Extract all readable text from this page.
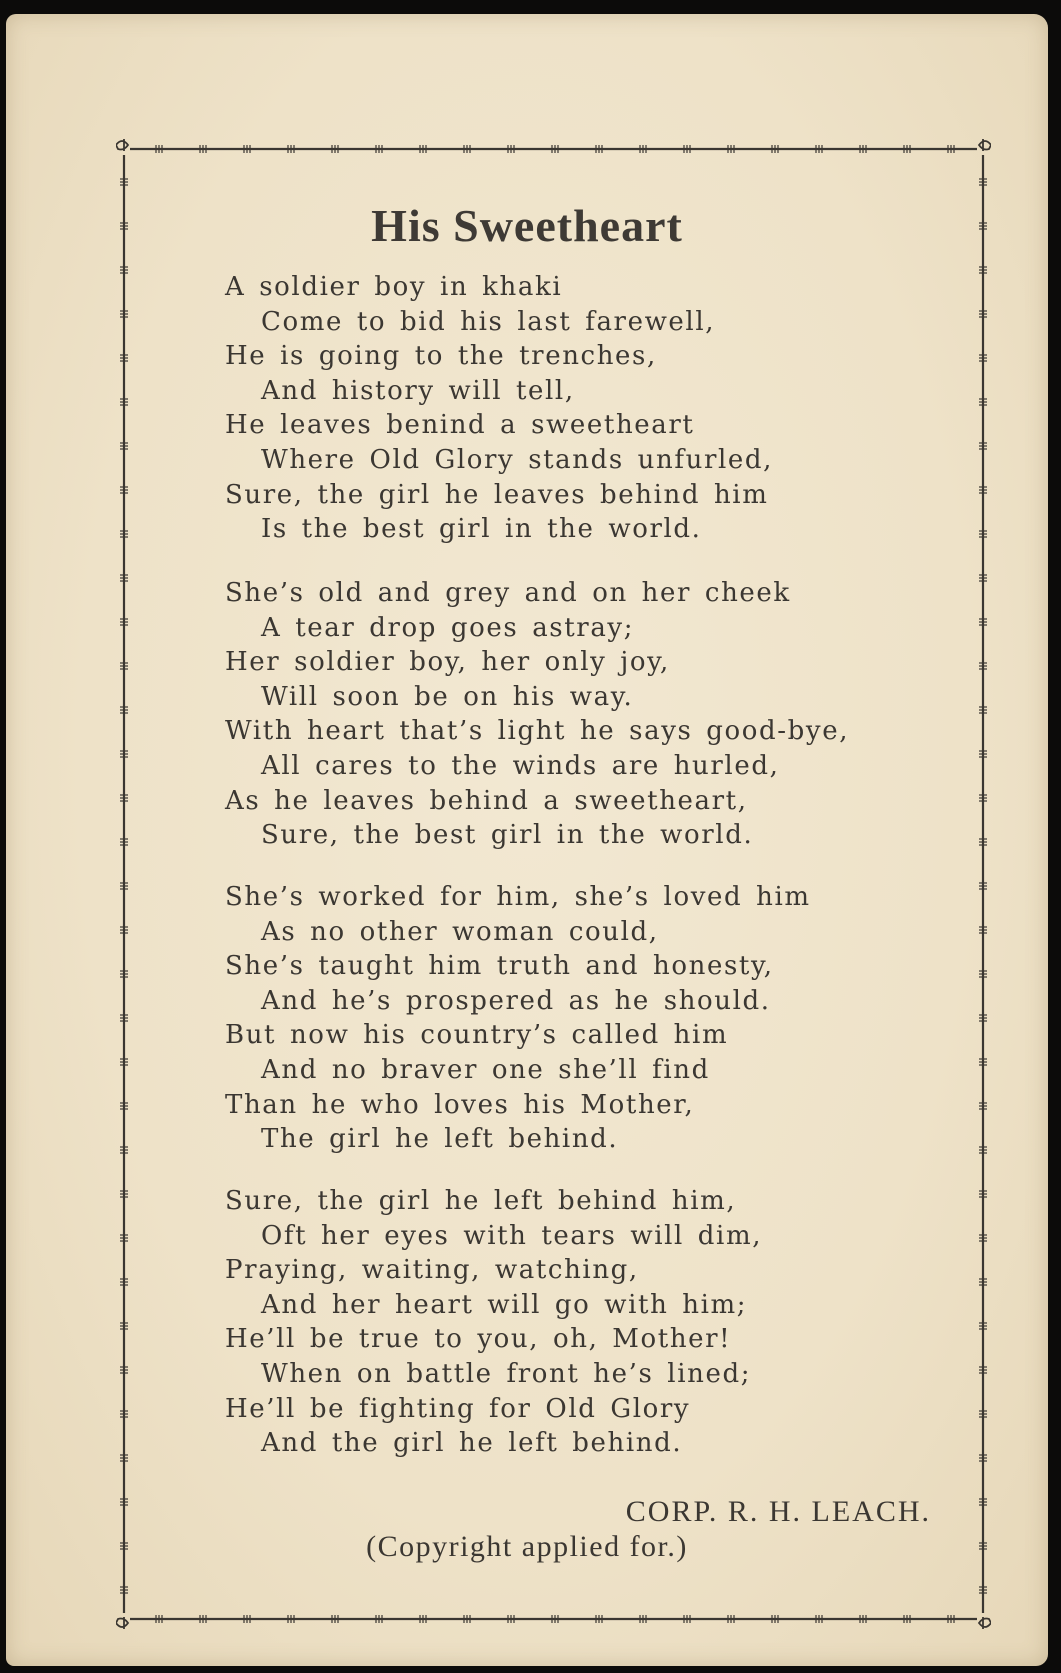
His Sweetheart
A soldier boy in khaki
Come to bid his last farewell,
He is going to the trenches,
And history will tell,
He leaves benind a sweetheart
Where Old Glory stands unfurled,
Sure, the girl he leaves behind him
Is the best girl in the world.
She’s old and grey and on her cheek
A tear drop goes astray;
Her soldier boy, her only joy,
Will soon be on his way.
With heart that’s light he says good-bye,
All cares to the winds are hurled,
As he leaves behind a sweetheart,
Sure, the best girl in the world.
She’s worked for him, she’s loved him
As no other woman could,
She’s taught him truth and honesty,
And he’s prospered as he should.
But now his country’s called him
And no braver one she’ll find
Than he who loves his Mother,
The girl he left behind.
Sure, the girl he left behind him,
Oft her eyes with tears will dim,
Praying, waiting, watching,
And her heart will go with him;
He’ll be true to you, oh, Mother!
When on battle front he’s lined;
He’ll be fighting for Old Glory
And the girl he left behind.
CORP. R. H. LEACH.
(Copyright applied for.)
